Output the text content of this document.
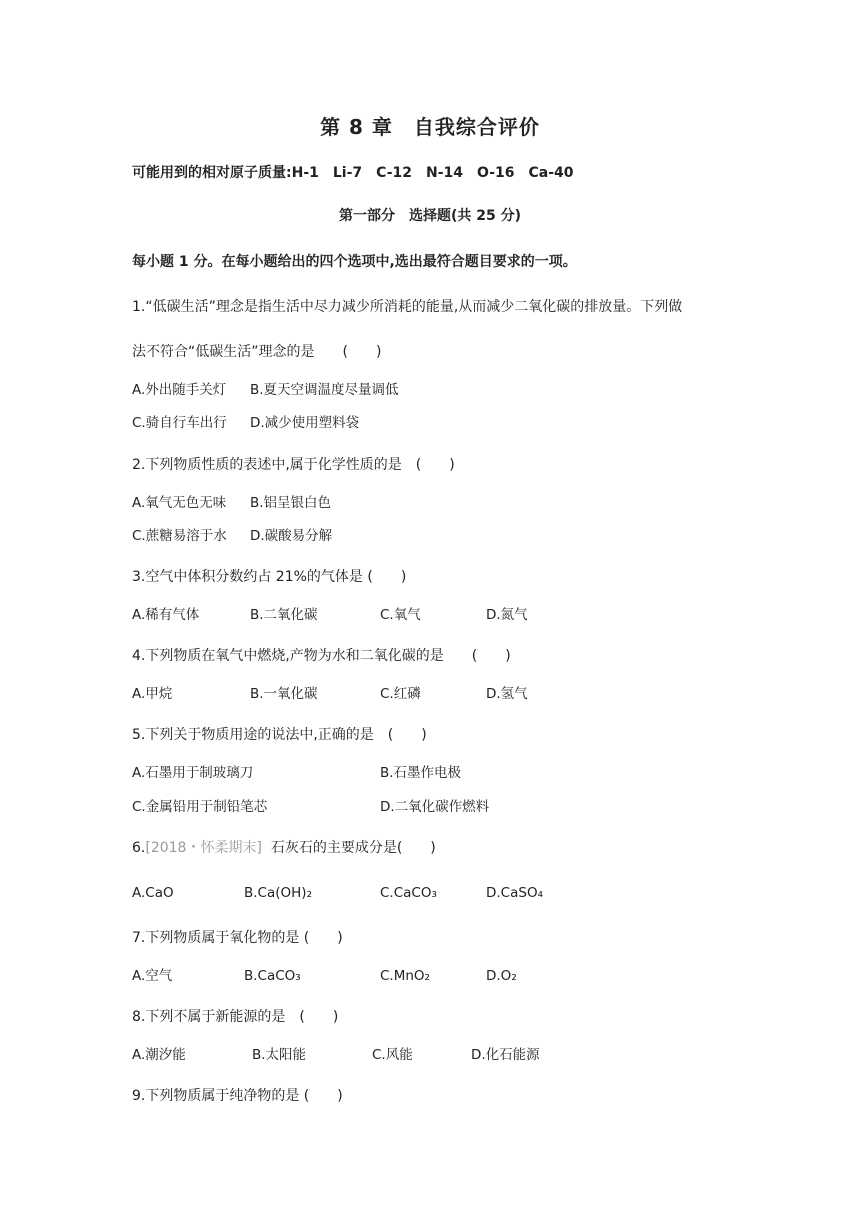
第 8 章　自我综合评价
可能用到的相对原子质量:H-1　Li-7　C-12　N-14　O-16　Ca-40
第一部分　选择题(共 25 分)
每小题 1 分。在每小题给出的四个选项中,选出最符合题目要求的一项。
1.“低碳生活”理念是指生活中尽力减少所消耗的能量,从而减少二氧化碳的排放量。下列做
法不符合“低碳生活”理念的是　　(　　)
A.外出随手关灯 B.夏天空调温度尽量调低
C.骑自行车出行 D.减少使用塑料袋
2.下列物质性质的表述中,属于化学性质的是　(　　)
A.氧气无色无味 B.铝呈银白色
C.蔗糖易溶于水 D.碳酸易分解
3.空气中体积分数约占 21%的气体是 (　　)
A.稀有气体	B.二氧化碳	C.氧气	D.氮气
4.下列物质在氧气中燃烧,产物为水和二氧化碳的是　　(　　)
A.甲烷	B.一氧化碳	C.红磷	D.氢气
5.下列关于物质用途的说法中,正确的是　(　　)
A.石墨用于制玻璃刀	B.石墨作电极
C.金属铅用于制铅笔芯	D.二氧化碳作燃料
6.[2018・怀柔期末] 石灰石的主要成分是(　　)
A.CaO	B.Ca(OH)₂	C.CaCO₃	D.CaSO₄
7.下列物质属于氧化物的是 (　　)
A.空气	B.CaCO₃	C.MnO₂	D.O₂
8.下列不属于新能源的是　(　　)
A.潮汐能	B.太阳能	C.风能	D.化石能源
9.下列物质属于纯净物的是 (　　)
